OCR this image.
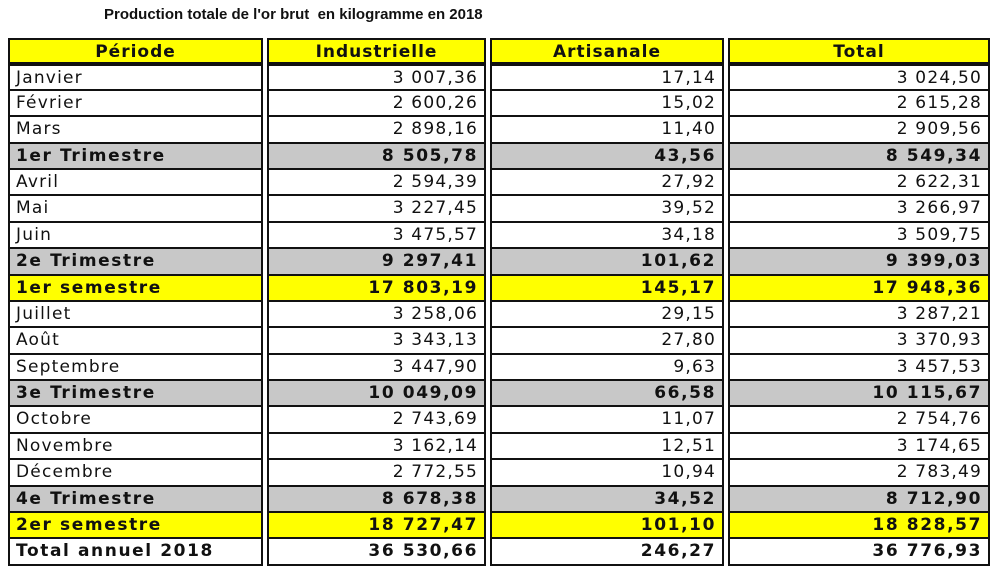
Production totale de l'or brut  en kilogramme en 2018
Période	Industrielle	Artisanale	Total
Janvier	3 007,36	17,14	3 024,50
Février	2 600,26	15,02	2 615,28
Mars	2 898,16	11,40	2 909,56
1er Trimestre	8 505,78	43,56	8 549,34
Avril	2 594,39	27,92	2 622,31
Mai	3 227,45	39,52	3 266,97
Juin	3 475,57	34,18	3 509,75
2e Trimestre	9 297,41	101,62	9 399,03
1er semestre	17 803,19	145,17	17 948,36
Juillet	3 258,06	29,15	3 287,21
Août	3 343,13	27,80	3 370,93
Septembre	3 447,90	9,63	3 457,53
3e Trimestre	10 049,09	66,58	10 115,67
Octobre	2 743,69	11,07	2 754,76
Novembre	3 162,14	12,51	3 174,65
Décembre	2 772,55	10,94	2 783,49
4e Trimestre	8 678,38	34,52	8 712,90
2er semestre	18 727,47	101,10	18 828,57
Total annuel 2018	36 530,66	246,27	36 776,93
